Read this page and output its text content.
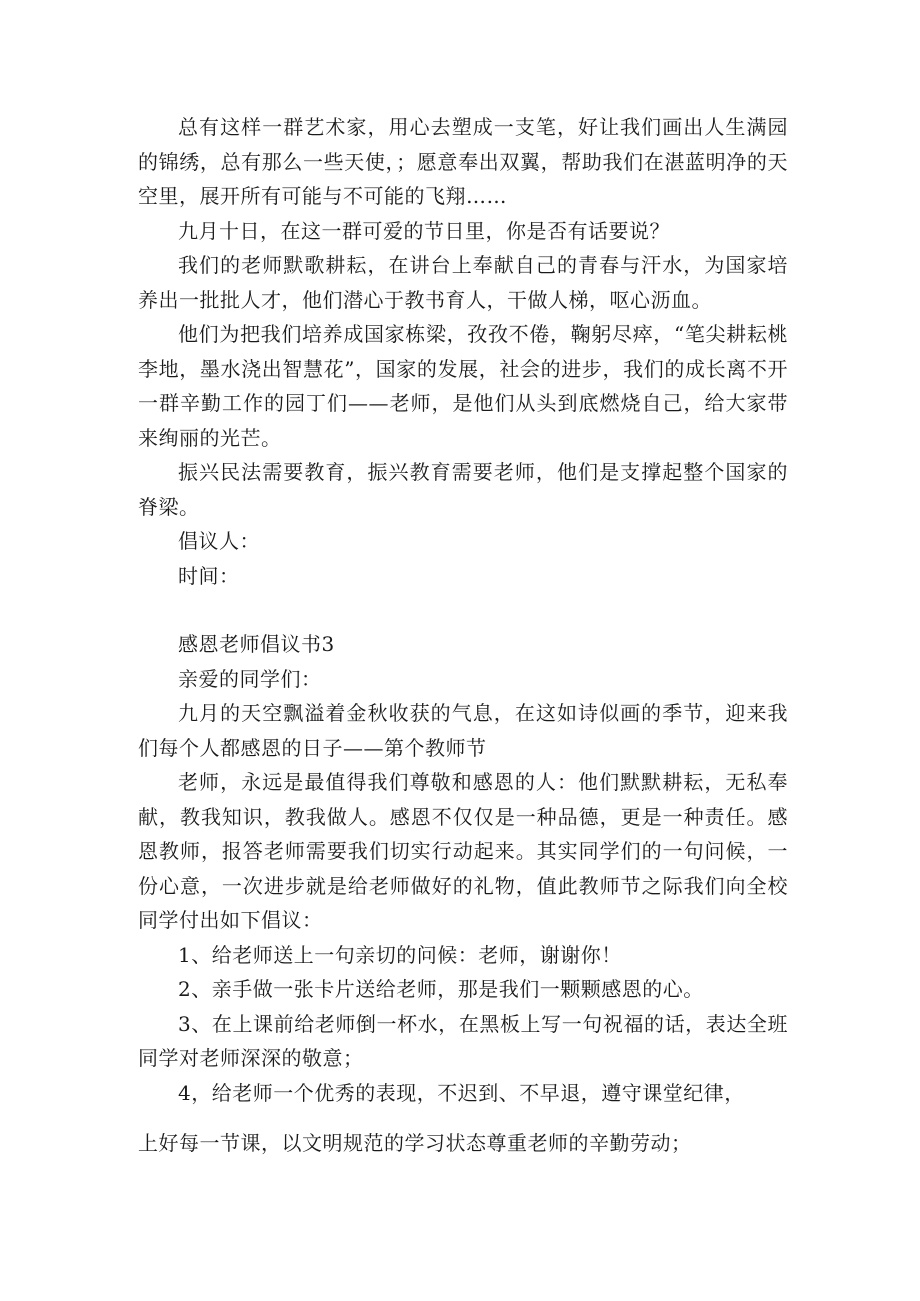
总有这样一群艺术家，用心去塑成一支笔，好让我们画出人生满园的锦绣，总有那么一些天使，；愿意奉出双翼，帮助我们在湛蓝明净的天空里，展开所有可能与不可能的飞翔……

九月十日，在这一群可爱的节日里，你是否有话要说？

我们的老师默歌耕耘，在讲台上奉献自己的青春与汗水，为国家培养出一批批人才，他们潜心于教书育人，干做人梯，呕心沥血。

他们为把我们培养成国家栋梁，孜孜不倦，鞠躬尽瘁，“笔尖耕耘桃李地，墨水浇出智慧花”，国家的发展，社会的进步，我们的成长离不开一群辛勤工作的园丁们——老师，是他们从头到底燃烧自己，给大家带来绚丽的光芒。

振兴民法需要教育，振兴教育需要老师，他们是支撑起整个国家的脊梁。

倡议人：

时间：

感恩老师倡议书3

亲爱的同学们：

九月的天空飘溢着金秋收获的气息，在这如诗似画的季节，迎来我们每个人都感恩的日子——第个教师节

老师，永远是最值得我们尊敬和感恩的人：他们默默耕耘，无私奉献，教我知识，教我做人。感恩不仅仅是一种品德，更是一种责任。感恩教师，报答老师需要我们切实行动起来。其实同学们的一句问候，一份心意，一次进步就是给老师做好的礼物，值此教师节之际我们向全校同学付出如下倡议：

1、给老师送上一句亲切的问候：老师，谢谢你！

2、亲手做一张卡片送给老师，那是我们一颗颗感恩的心。

3、在上课前给老师倒一杯水，在黑板上写一句祝福的话，表达全班同学对老师深深的敬意；

4，给老师一个优秀的表现，不迟到、不早退，遵守课堂纪律，

上好每一节课，以文明规范的学习状态尊重老师的辛勤劳动；
